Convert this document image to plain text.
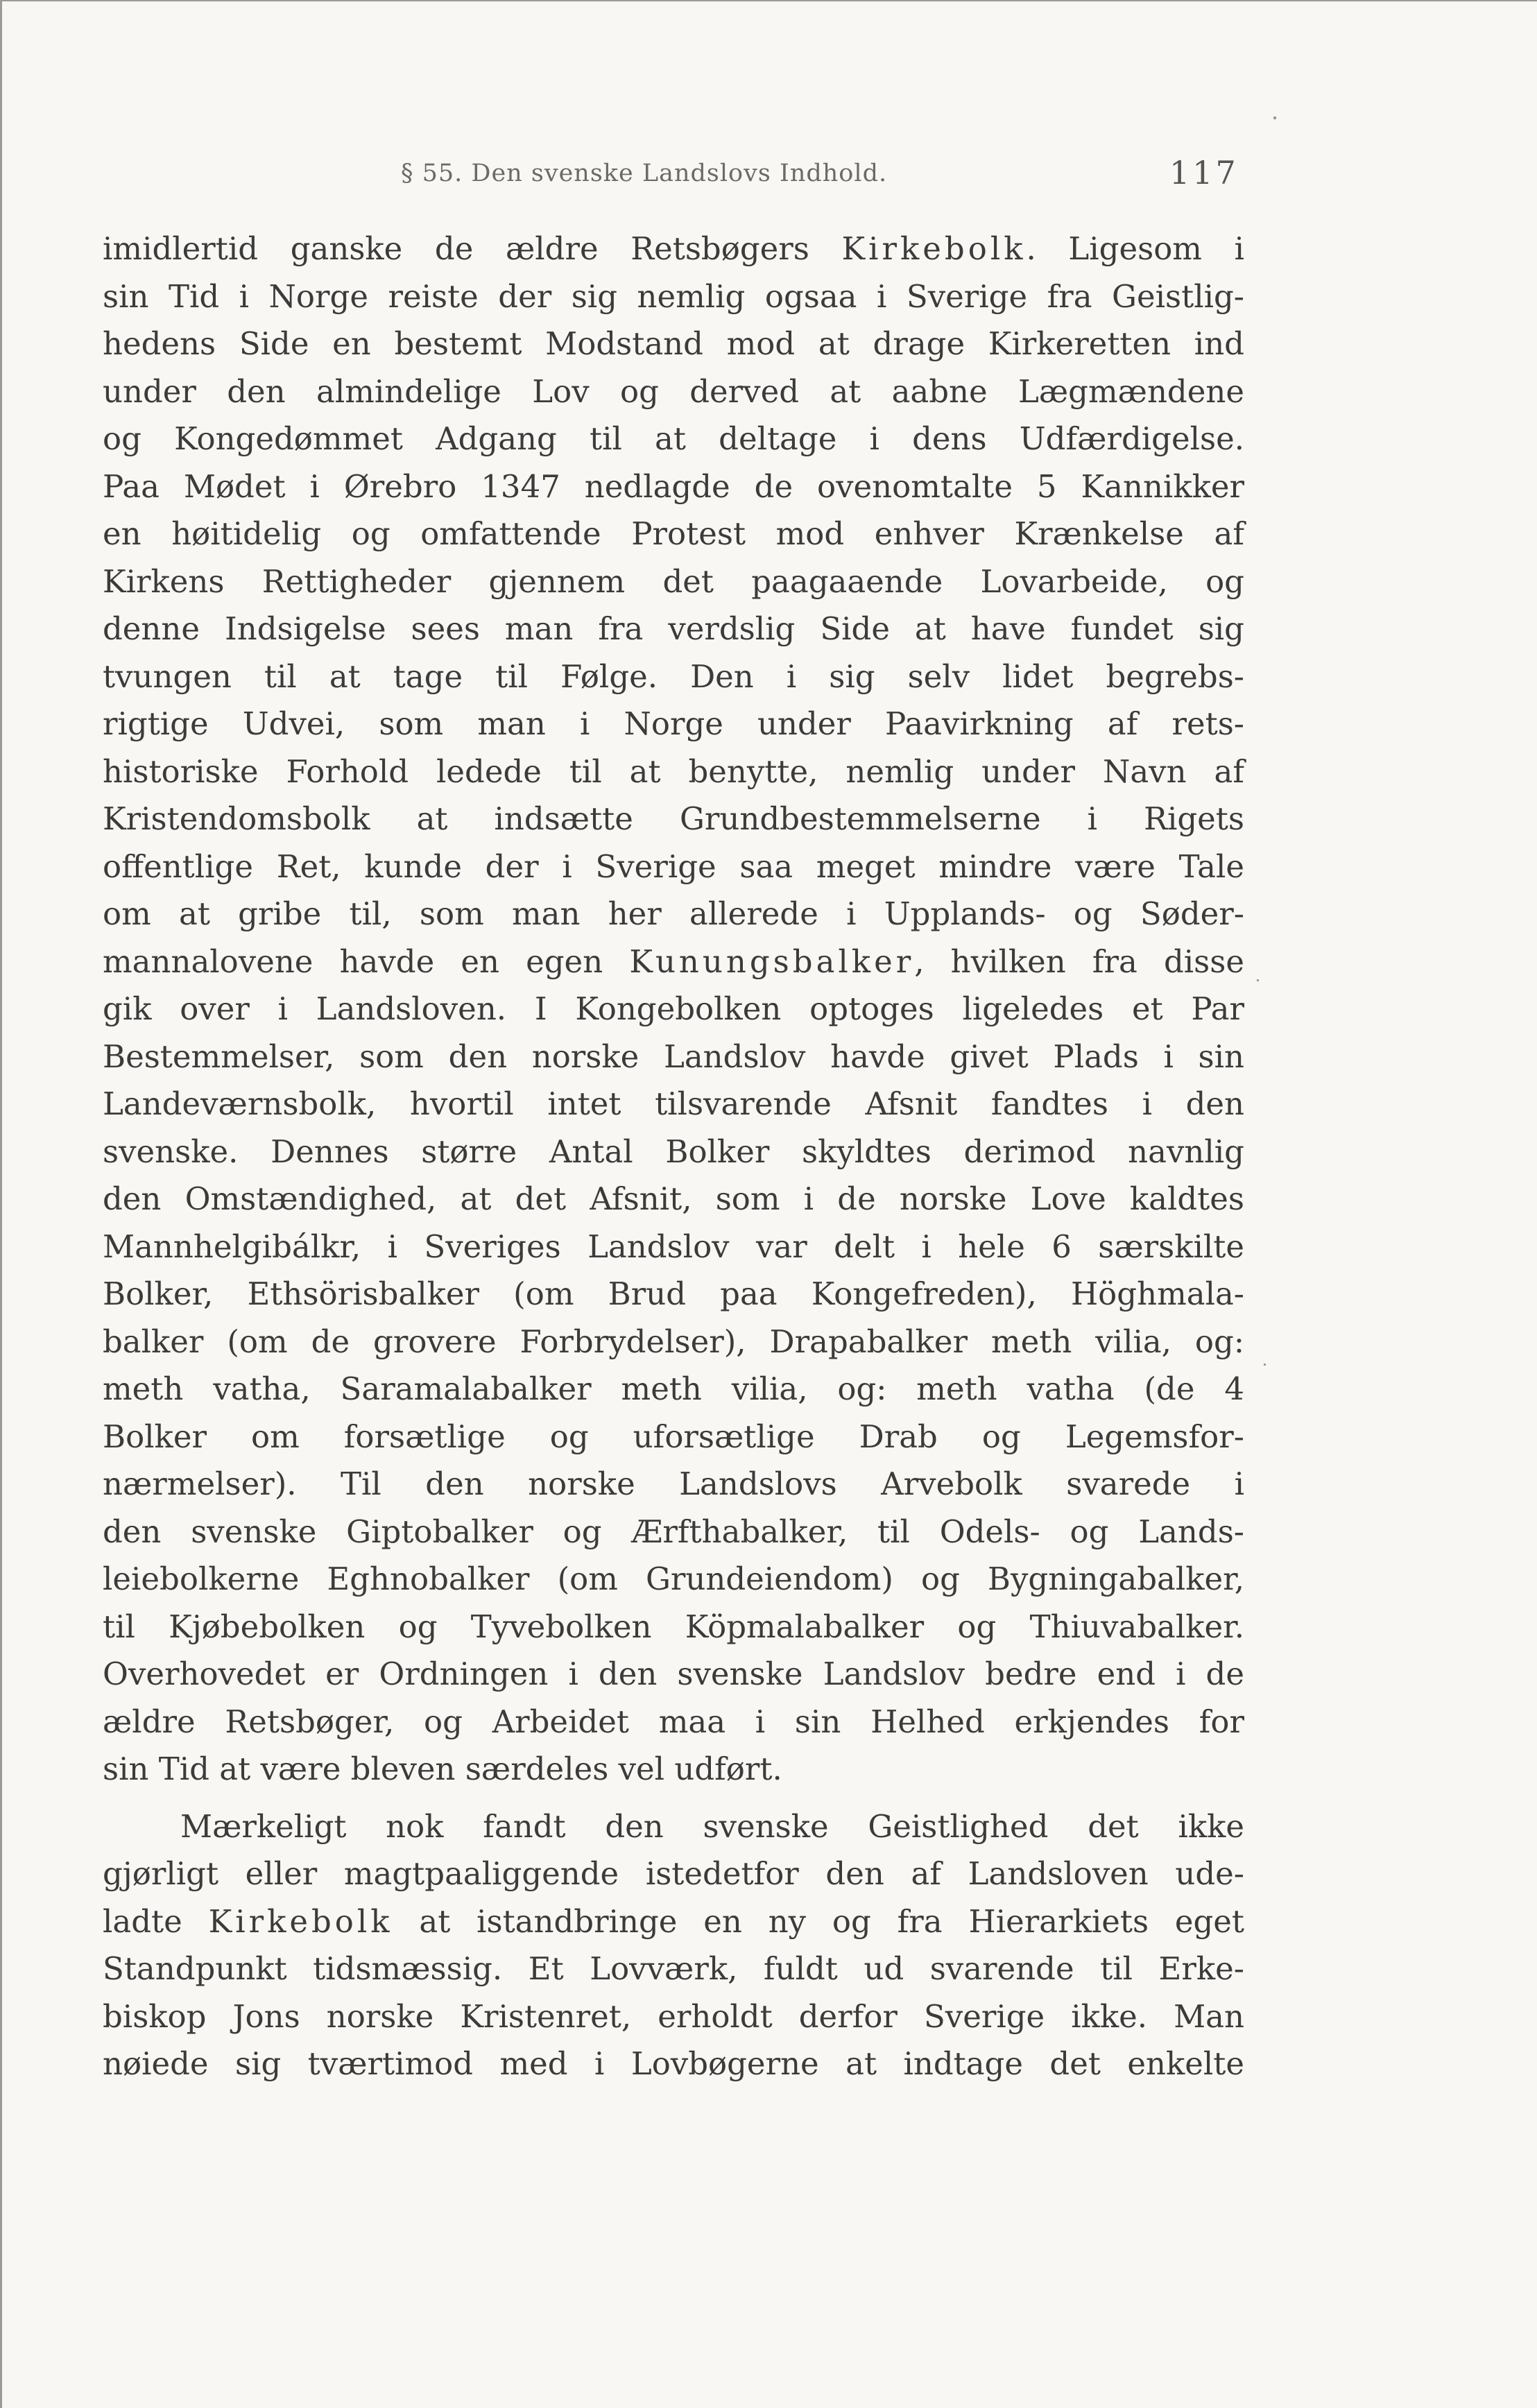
§ 55. Den svenske Landslovs Indhold.	117
imidlertid ganske de ældre Retsbøgers Kirkebolk. Ligesom i
sin Tid i Norge reiste der sig nemlig ogsaa i Sverige fra Geistlig-
hedens Side en bestemt Modstand mod at drage Kirkeretten ind
under den almindelige Lov og derved at aabne Lægmændene
og Kongedømmet Adgang til at deltage i dens Udfærdigelse.
Paa Mødet i Ørebro 1347 nedlagde de ovenomtalte 5 Kannikker
en høitidelig og omfattende Protest mod enhver Krænkelse af
Kirkens Rettigheder gjennem det paagaaende Lovarbeide, og
denne Indsigelse sees man fra verdslig Side at have fundet sig
tvungen til at tage til Følge. Den i sig selv lidet begrebs-
rigtige Udvei, som man i Norge under Paavirkning af rets-
historiske Forhold ledede til at benytte, nemlig under Navn af
Kristendomsbolk at indsætte Grundbestemmelserne i Rigets
offentlige Ret, kunde der i Sverige saa meget mindre være Tale
om at gribe til, som man her allerede i Upplands- og Søder-
mannalovene havde en egen Kunungsbalker, hvilken fra disse
gik over i Landsloven. I Kongebolken optoges ligeledes et Par
Bestemmelser, som den norske Landslov havde givet Plads i sin
Landeværnsbolk, hvortil intet tilsvarende Afsnit fandtes i den
svenske. Dennes større Antal Bolker skyldtes derimod navnlig
den Omstændighed, at det Afsnit, som i de norske Love kaldtes
Mannhelgibálkr, i Sveriges Landslov var delt i hele 6 særskilte
Bolker, Ethsörisbalker (om Brud paa Kongefreden), Höghmala-
balker (om de grovere Forbrydelser), Drapabalker meth vilia, og:
meth vatha, Saramalabalker meth vilia, og: meth vatha (de 4
Bolker om forsætlige og uforsætlige Drab og Legemsfor-
nærmelser). Til den norske Landslovs Arvebolk svarede i
den svenske Giptobalker og Ærfthabalker, til Odels- og Lands-
leiebolkerne Eghnobalker (om Grundeiendom) og Bygningabalker,
til Kjøbebolken og Tyvebolken Köpmalabalker og Thiuvabalker.
Overhovedet er Ordningen i den svenske Landslov bedre end i de
ældre Retsbøger, og Arbeidet maa i sin Helhed erkjendes for
sin Tid at være bleven særdeles vel udført.
Mærkeligt nok fandt den svenske Geistlighed det ikke
gjørligt eller magtpaaliggende istedetfor den af Landsloven ude-
ladte Kirkebolk at istandbringe en ny og fra Hierarkiets eget
Standpunkt tidsmæssig. Et Lovværk, fuldt ud svarende til Erke-
biskop Jons norske Kristenret, erholdt derfor Sverige ikke. Man
nøiede sig tværtimod med i Lovbøgerne at indtage det enkelte
